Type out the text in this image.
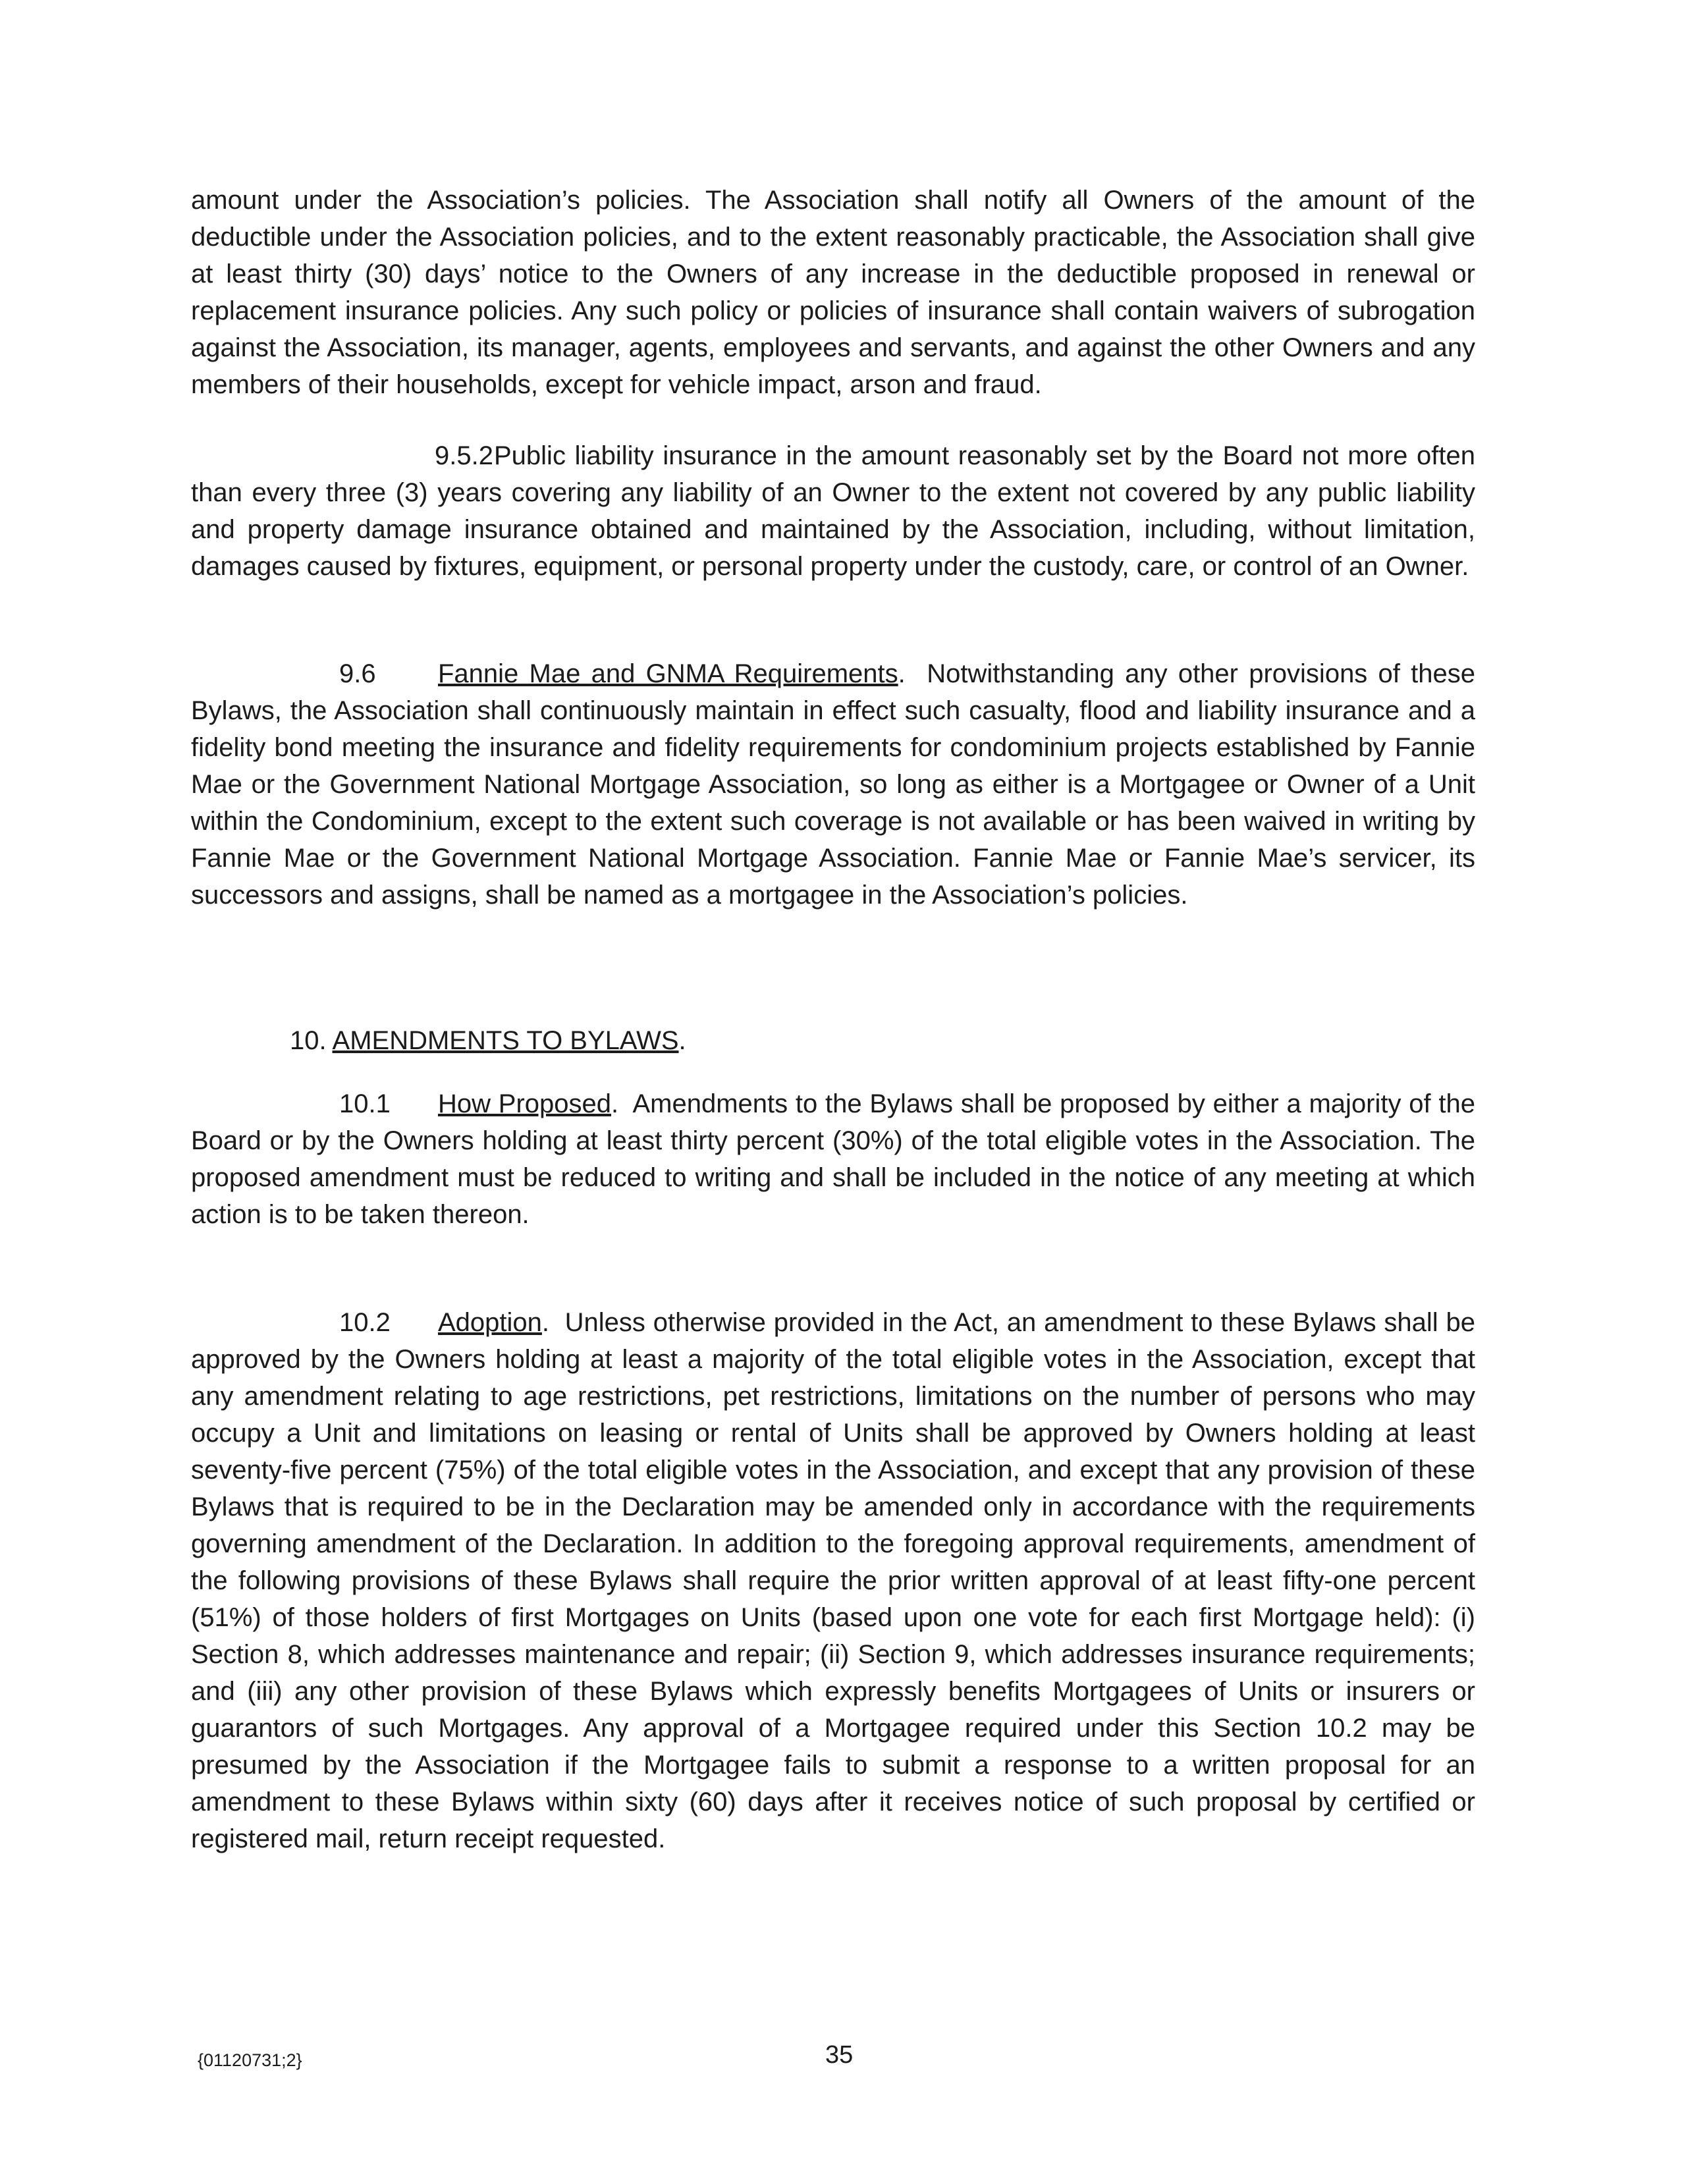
amount under the Association’s policies. The Association shall notify all Owners of the amount of the deductible under the Association policies, and to the extent reasonably practicable, the Association shall give at least thirty (30) days’ notice to the Owners of any increase in the deductible proposed in renewal or replacement insurance policies. Any such policy or policies of insurance shall contain waivers of subrogation against the Association, its manager, agents, employees and servants, and against the other Owners and any members of their households, except for vehicle impact, arson and fraud.

9.5.2Public liability insurance in the amount reasonably set by the Board not more often than every three (3) years covering any liability of an Owner to the extent not covered by any public liability and property damage insurance obtained and maintained by the Association, including, without limitation, damages caused by fixtures, equipment, or personal property under the custody, care, or control of an Owner.

9.6 Fannie Mae and GNMA Requirements.  Notwithstanding any other provisions of these Bylaws, the Association shall continuously maintain in effect such casualty, flood and liability insurance and a fidelity bond meeting the insurance and fidelity requirements for condominium projects established by Fannie Mae or the Government National Mortgage Association, so long as either is a Mortgagee or Owner of a Unit within the Condominium, except to the extent such coverage is not available or has been waived in writing by Fannie Mae or the Government National Mortgage Association. Fannie Mae or Fannie Mae’s servicer, its successors and assigns, shall be named as a mortgagee in the Association’s policies.

10. AMENDMENTS TO BYLAWS.

10.1 How Proposed.  Amendments to the Bylaws shall be proposed by either a majority of the Board or by the Owners holding at least thirty percent (30%) of the total eligible votes in the Association. The proposed amendment must be reduced to writing and shall be included in the notice of any meeting at which action is to be taken thereon.

10.2 Adoption.  Unless otherwise provided in the Act, an amendment to these Bylaws shall be approved by the Owners holding at least a majority of the total eligible votes in the Association, except that any amendment relating to age restrictions, pet restrictions, limitations on the number of persons who may occupy a Unit and limitations on leasing or rental of Units shall be approved by Owners holding at least seventy-five percent (75%) of the total eligible votes in the Association, and except that any provision of these Bylaws that is required to be in the Declaration may be amended only in accordance with the requirements governing amendment of the Declaration. In addition to the foregoing approval requirements, amendment of the following provisions of these Bylaws shall require the prior written approval of at least fifty-one percent (51%) of those holders of first Mortgages on Units (based upon one vote for each first Mortgage held): (i) Section 8, which addresses maintenance and repair; (ii) Section 9, which addresses insurance requirements; and (iii) any other provision of these Bylaws which expressly benefits Mortgagees of Units or insurers or guarantors of such Mortgages. Any approval of a Mortgagee required under this Section 10.2 may be presumed by the Association if the Mortgagee fails to submit a response to a written proposal for an amendment to these Bylaws within sixty (60) days after it receives notice of such proposal by certified or registered mail, return receipt requested.

{01120731;2}	35
